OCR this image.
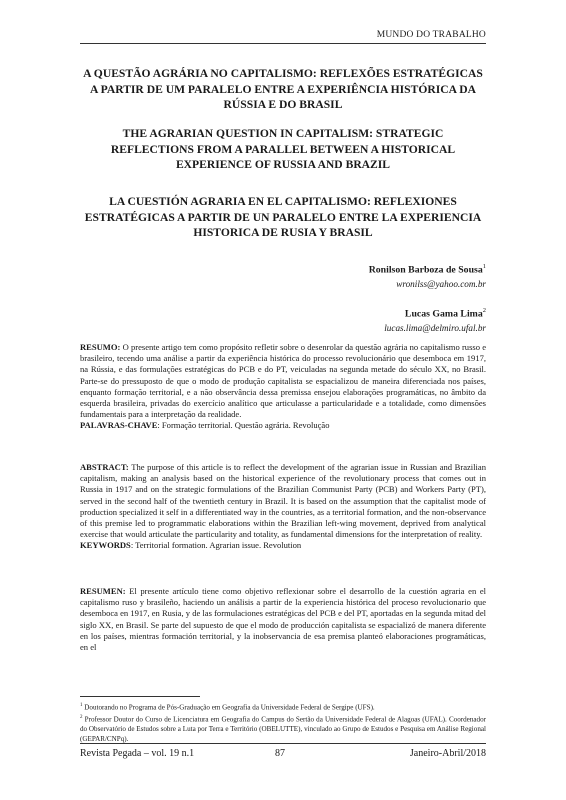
MUNDO DO TRABALHO
A QUESTÃO AGRÁRIA NO CAPITALISMO: REFLEXÕES ESTRATÉGICAS A PARTIR DE UM PARALELO ENTRE A EXPERIÊNCIA HISTÓRICA DA RÚSSIA E DO BRASIL
THE AGRARIAN QUESTION IN CAPITALISM: STRATEGIC REFLECTIONS FROM A PARALLEL BETWEEN A HISTORICAL EXPERIENCE OF RUSSIA AND BRAZIL
LA CUESTIÓN AGRARIA EN EL CAPITALISMO: REFLEXIONES ESTRATÉGICAS A PARTIR DE UN PARALELO ENTRE LA EXPERIENCIA HISTORICA DE RUSIA Y BRASIL
Ronilson Barboza de Sousa$^1$
wronilss@yahoo.com.br
Lucas Gama Lima$^2$
lucas.lima@delmiro.ufal.br

RESUMO: O presente artigo tem como propósito refletir sobre o desenrolar da questão agrária no capitalismo russo e brasileiro, tecendo uma análise a partir da experiência histórica do processo revolucionário que desemboca em 1917, na Rússia, e das formulações estratégicas do PCB e do PT, veiculadas na segunda metade do século XX, no Brasil. Parte-se do pressuposto de que o modo de produção capitalista se espacializou de maneira diferenciada nos países, enquanto formação territorial, e a não observância dessa premissa ensejou elaborações programáticas, no âmbito da esquerda brasileira, privadas do exercício analítico que articulasse a particularidade e a totalidade, como dimensões fundamentais para a interpretação da realidade.

PALAVRAS-CHAVE: Formação territorial. Questão agrária. Revolução

ABSTRACT: The purpose of this article is to reflect the development of the agrarian issue in Russian and Brazilian capitalism, making an analysis based on the historical experience of the revolutionary process that comes out in Russia in 1917 and on the strategic formulations of the Brazilian Communist Party (PCB) and Workers Party (PT), served in the second half of the twentieth century in Brazil. It is based on the assumption that the capitalist mode of production specialized it self in a differentiated way in the countries, as a territorial formation, and the non-observance of this premise led to programmatic elaborations within the Brazilian left-wing movement, deprived from analytical exercise that would articulate the particularity and totality, as fundamental dimensions for the interpretation of reality.

KEYWORDS: Territorial formation. Agrarian issue. Revolution

RESUMEN: El presente artículo tiene como objetivo reflexionar sobre el desarrollo de la cuestión agraria en el capitalismo ruso y brasileño, haciendo un análisis a partir de la experiencia histórica del proceso revolucionario que desemboca en 1917, en Rusia, y de las formulaciones estratégicas del PCB e del PT, aportadas en la segunda mitad del siglo XX, en Brasil. Se parte del supuesto de que el modo de producción capitalista se espacializó de manera diferente en los países, mientras formación territorial, y la inobservancia de esa premisa planteó elaboraciones programáticas, en el

$^1$ Doutorando no Programa de Pós-Graduação em Geografia da Universidade Federal de Sergipe (UFS).

$^2$ Professor Doutor do Curso de Licenciatura em Geografia do Campus do Sertão da Universidade Federal de Alagoas (UFAL). Coordenador do Observatório de Estudos sobre a Luta por Terra e Território (OBELUTTE), vinculado ao Grupo de Estudos e Pesquisa em Análise Regional (GEPAR/CNPq).

Revista Pegada – vol. 19 n.1	87	Janeiro-Abril/2018
